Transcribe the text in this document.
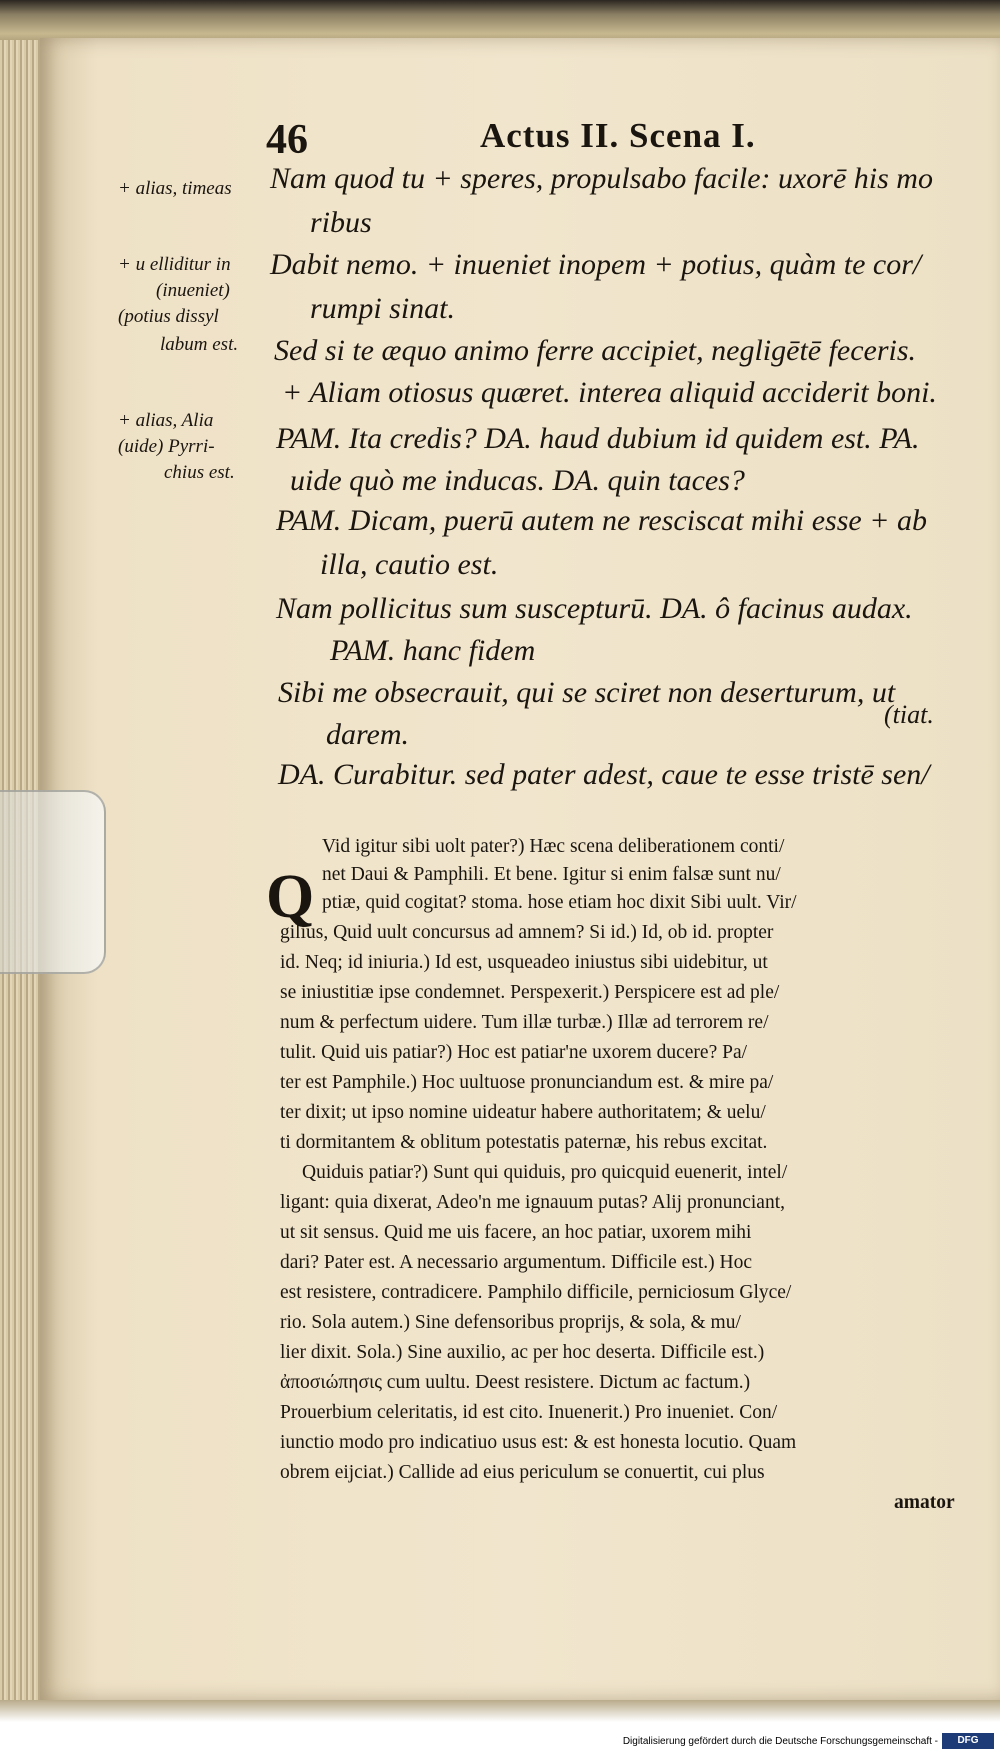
46	Actus II. Scena I.
+ alias, timeas
+ u elliditur in
(inueniet)
(potius dissyl
labum est.
+ alias, Alia
(uide) Pyrri-
chius est.
Nam quod tu + speres, propulsabo facile: uxorē his mo
ribus
Dabit nemo. + inueniet inopem + potius, quàm te cor/
rumpi sinat.
Sed si te æquo animo ferre accipiet, negligētē feceris.
+ Aliam otiosus quæret. interea aliquid acciderit boni.
PAM. Ita credis? DA. haud dubium id quidem est. PA.
uide quò me inducas. DA. quin taces?
PAM. Dicam, puerū autem ne resciscat mihi esse + ab
illa, cautio est.
Nam pollicitus sum suscepturū. DA. ô facinus audax.
PAM. hanc fidem
Sibi me obsecrauit, qui se sciret non deserturum, ut
darem.
(tiat.
DA. Curabitur. sed pater adest, caue te esse tristē sen/
Q
Vid igitur sibi uolt pater?) Hæc scena deliberationem conti/
net Daui & Pamphili. Et bene. Igitur si enim falsæ sunt nu/
ptiæ, quid cogitat? stoma. hose etiam hoc dixit Sibi uult. Vir/
gilius, Quid uult concursus ad amnem? Si id.) Id, ob id. propter
id. Neq; id iniuria.) Id est, usqueadeo iniustus sibi uidebitur, ut
se iniustitiæ ipse condemnet. Perspexerit.) Perspicere est ad ple/
num & perfectum uidere. Tum illæ turbæ.) Illæ ad terrorem re/
tulit. Quid uis patiar?) Hoc est patiar'ne uxorem ducere? Pa/
ter est Pamphile.) Hoc uultuose pronunciandum est. & mire pa/
ter dixit; ut ipso nomine uideatur habere authoritatem; & uelu/
ti dormitantem & oblitum potestatis paternæ, his rebus excitat.
Quiduis patiar?) Sunt qui quiduis, pro quicquid euenerit, intel/
ligant: quia dixerat, Adeo'n me ignauum putas? Alij pronunciant,
ut sit sensus. Quid me uis facere, an hoc patiar, uxorem mihi
dari? Pater est. A necessario argumentum. Difficile est.) Hoc
est resistere, contradicere. Pamphilo difficile, perniciosum Glyce/
rio. Sola autem.) Sine defensoribus proprijs, & sola, & mu/
lier dixit. Sola.) Sine auxilio, ac per hoc deserta. Difficile est.)
ἀποσιώπησις cum uultu. Deest resistere. Dictum ac factum.)
Prouerbium celeritatis, id est cito. Inuenerit.) Pro inueniet. Con/
iunctio modo pro indicatiuo usus est: & est honesta locutio. Quam
obrem eijciat.) Callide ad eius periculum se conuertit, cui plus
amator
Digitalisierung gefördert durch die Deutsche Forschungsgemeinschaft -	DFG
